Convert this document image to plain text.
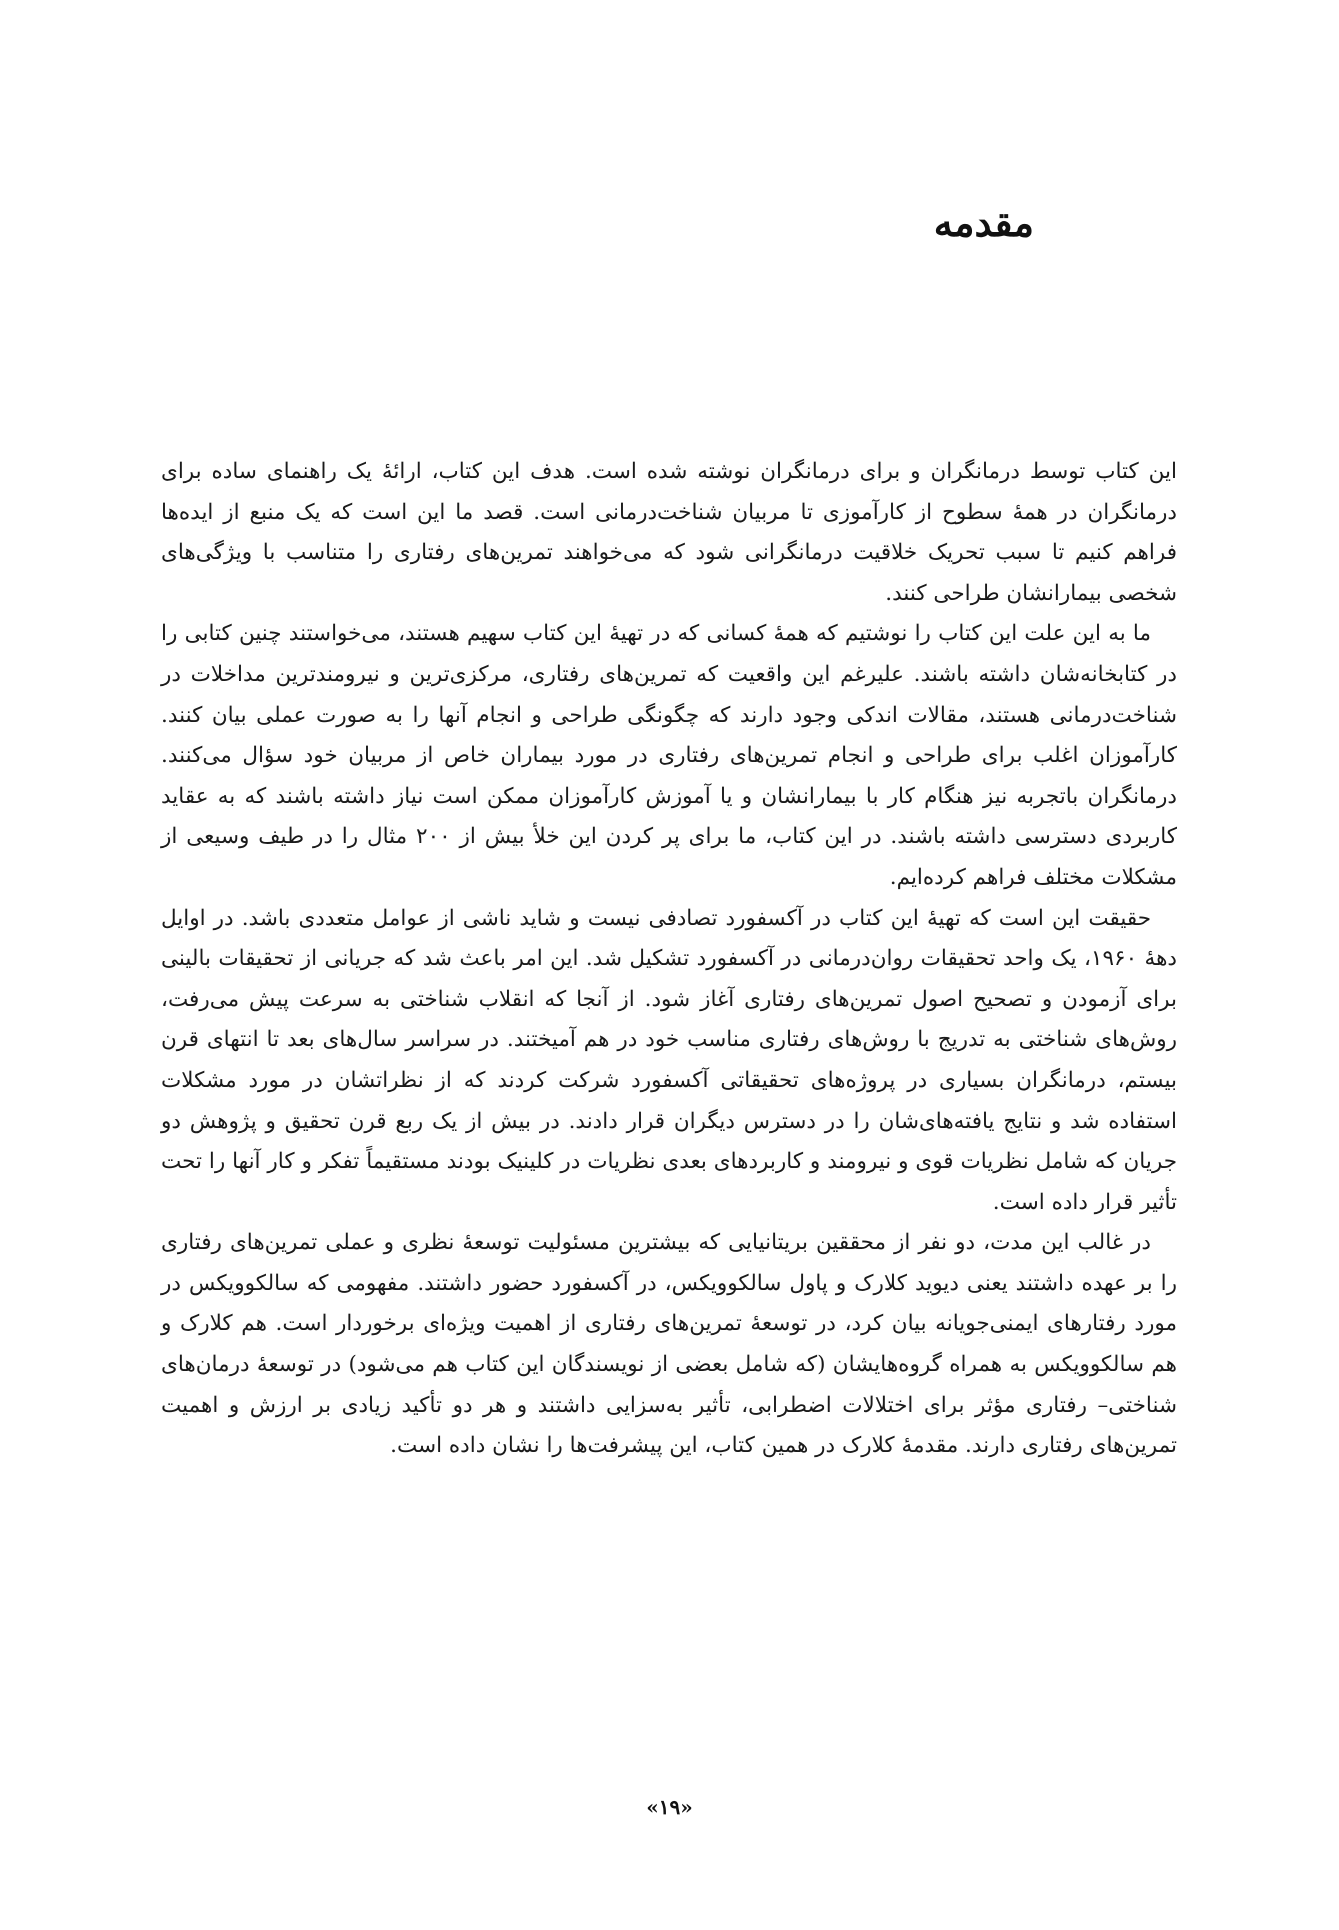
مقدمه

این کتاب توسط درمانگران و برای درمانگران نوشته شده است. هدف این کتاب، ارائهٔ یک راهنمای ساده برای درمانگران در همهٔ سطوح از کارآموزی تا مربیان شناخت‌درمانی است. قصد ما این است که یک منبع از ایده‌ها فراهم کنیم تا سبب تحریک خلاقیت درمانگرانی شود که می‌خواهند تمرین‌های رفتاری را متناسب با ویژگی‌های شخصی بیمارانشان طراحی کنند.

ما به این علت این کتاب را نوشتیم که همهٔ کسانی که در تهیهٔ این کتاب سهیم هستند، می‌خواستند چنین کتابی را در کتابخانه‌شان داشته باشند. علیرغم این واقعیت که تمرین‌های رفتاری، مرکزی‌ترین و نیرومندترین مداخلات در شناخت‌درمانی هستند، مقالات اندکی وجود دارند که چگونگی طراحی و انجام آنها را به صورت عملی بیان کنند. کارآموزان اغلب برای طراحی و انجام تمرین‌های رفتاری در مورد بیماران خاص از مربیان خود سؤال می‌کنند. درمانگران باتجربه نیز هنگام کار با بیمارانشان و یا آموزش کارآموزان ممکن است نیاز داشته باشند که به عقاید کاربردی دسترسی داشته باشند. در این کتاب، ما برای پر کردن این خلأ بیش از ۲۰۰ مثال را در طیف وسیعی از مشکلات مختلف فراهم کرده‌ایم.

حقیقت این است که تهیهٔ این کتاب در آکسفورد تصادفی نیست و شاید ناشی از عوامل متعددی باشد. در اوایل دههٔ ۱۹۶۰، یک واحد تحقیقات روان‌درمانی در آکسفورد تشکیل شد. این امر باعث شد که جریانی از تحقیقات بالینی برای آزمودن و تصحیح اصول تمرین‌های رفتاری آغاز شود. از آنجا که انقلاب شناختی به سرعت پیش می‌رفت، روش‌های شناختی به تدریج با روش‌های رفتاری مناسب خود در هم آمیختند. در سراسر سال‌های بعد تا انتهای قرن بیستم، درمانگران بسیاری در پروژه‌های تحقیقاتی آکسفورد شرکت کردند که از نظراتشان در مورد مشکلات استفاده شد و نتایج یافته‌های‌شان را در دسترس دیگران قرار دادند. در بیش از یک ربع قرن تحقیق و پژوهش دو جریان که شامل نظریات قوی و نیرومند و کاربردهای بعدی نظریات در کلینیک بودند مستقیماً تفکر و کار آنها را تحت تأثیر قرار داده است.

در غالب این مدت، دو نفر از محققین بریتانیایی که بیشترین مسئولیت توسعهٔ نظری و عملی تمرین‌های رفتاری را بر عهده داشتند یعنی دیوید کلارک و پاول سالکوویکس، در آکسفورد حضور داشتند. مفهومی که سالکوویکس در مورد رفتارهای ایمنی‌جویانه بیان کرد، در توسعهٔ تمرین‌های رفتاری از اهمیت ویژه‌ای برخوردار است. هم کلارک و هم سالکوویکس به همراه گروه‌هایشان (که شامل بعضی از نویسندگان این کتاب هم می‌شود) در توسعهٔ درمان‌های شناختی– رفتاری مؤثر برای اختلالات اضطرابی، تأثیر به‌سزایی داشتند و هر دو تأکید زیادی بر ارزش و اهمیت تمرین‌های رفتاری دارند. مقدمهٔ کلارک در همین کتاب، این پیشرفت‌ها را نشان داده است.

«۱۹»
